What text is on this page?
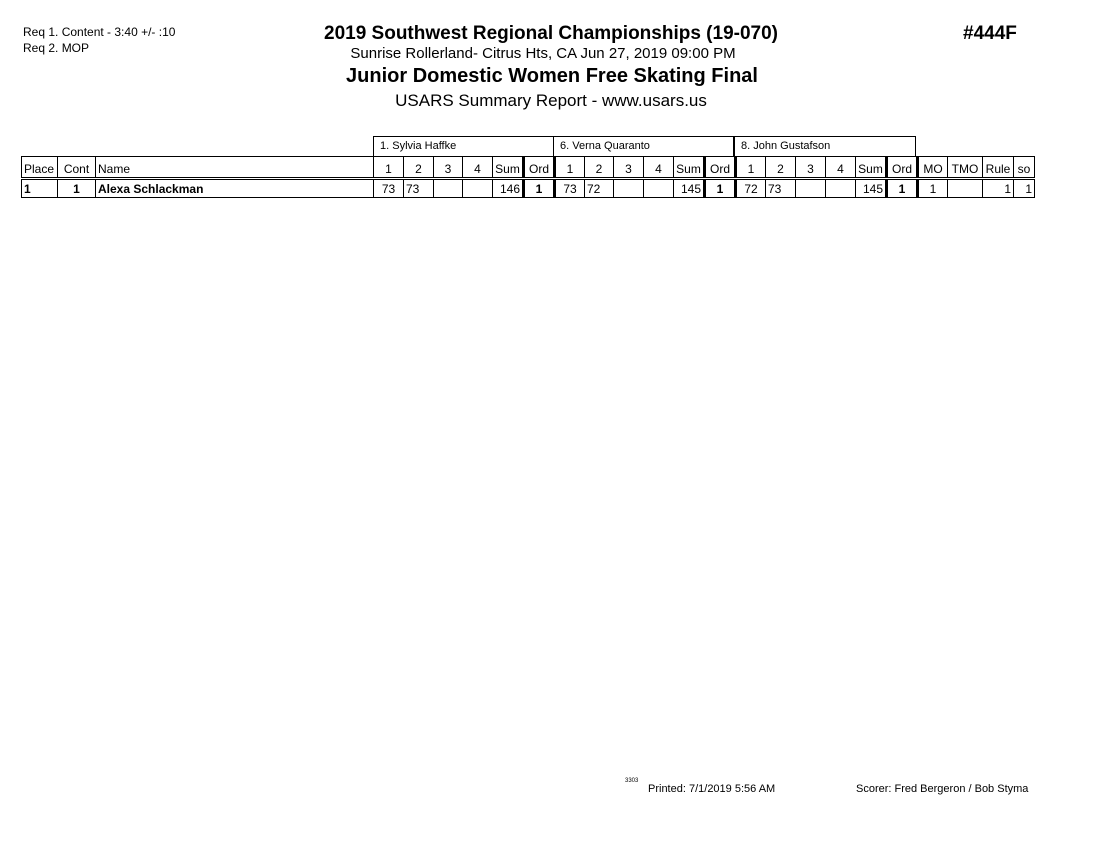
Req 1. Content - 3:40 +/- :10
Req 2. MOP
2019 Southwest Regional Championships (19-070)
Sunrise Rollerland- Citrus Hts, CA Jun 27, 2019 09:00 PM
Junior Domestic Women Free Skating Final
USARS Summary Report - www.usars.us
#444F
1. Sylvia Haffke	6. Verna Quaranto	8. John Gustafson
Place	Cont	Name	1	2	3	4	Sum	Ord	1	2	3	4	Sum	Ord	1	2	3	4	Sum	Ord	MO	TMO	Rule	so
1	1	Alexa Schlackman	73	73			146	1	73	72			145	1	72	73			145	1	1		1	1
3303
Printed: 7/1/2019 5:56 AM	Scorer: Fred Bergeron / Bob Styma
